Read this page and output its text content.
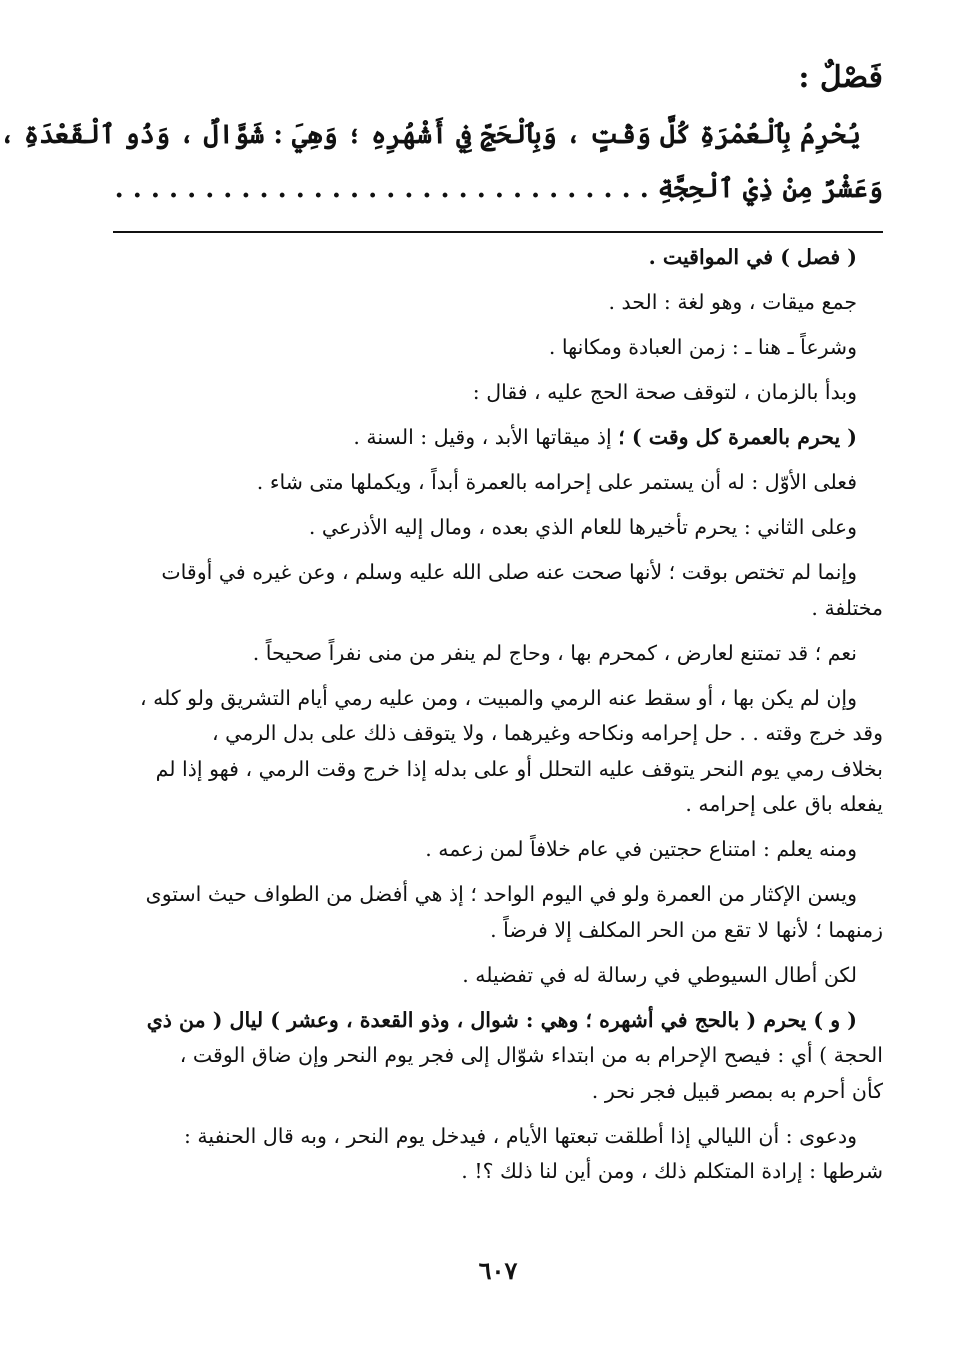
فَصْلٌ :
يُحْرِمُ بِٱلْعُمْرَةِ كُلَّ وَقْتٍ ، وَبِٱلْحَجِّ فِي أَشْهُرِهِ ؛ وَهِيَ : شَوَّالٌ ، وَذُو ٱلْقَعْدَةِ ،
وَعَشْرٌ مِنْ ذِيْ ٱلْحِجَّةِ . . . . . . . . . . . . . . . . . . . . . . . . . . . . . .

( فصل ) في المواقيت .

جمع ميقات ، وهو لغة : الحد .

وشرعاً ـ هنا ـ : زمن العبادة ومكانها .

وبدأ بالزمان ، لتوقف صحة الحج عليه ، فقال :

( يحرم بالعمرة كل وقت ) ؛ إذ ميقاتها الأبد ، وقيل : السنة .

فعلى الأوّل : له أن يستمر على إحرامه بالعمرة أبداً ، ويكملها متى شاء .

وعلى الثاني : يحرم تأخيرها للعام الذي بعده ، ومال إليه الأذرعي .

وإنما لم تختص بوقت ؛ لأنها صحت عنه صلى الله عليه وسلم ، وعن غيره في أوقات
مختلفة .

نعم ؛ قد تمتنع لعارض ، كمحرم بها ، وحاج لم ينفر من منى نفراً صحيحاً .

وإن لم يكن بها ، أو سقط عنه الرمي والمبيت ، ومن عليه رمي أيام التشريق ولو كله ،
وقد خرج وقته . . حل إحرامه ونكاحه وغيرهما ، ولا يتوقف ذلك على بدل الرمي ،
بخلاف رمي يوم النحر يتوقف عليه التحلل أو على بدله إذا خرج وقت الرمي ، فهو إذا لم
يفعله باق على إحرامه .

ومنه يعلم : امتناع حجتين في عام خلافاً لمن زعمه .

ويسن الإكثار من العمرة ولو في اليوم الواحد ؛ إذ هي أفضل من الطواف حيث استوى
زمنهما ؛ لأنها لا تقع من الحر المكلف إلا فرضاً .

لكن أطال السيوطي في رسالة له في تفضيله .

( و ) يحرم ( بالحج في أشهره ؛ وهي : شوال ، وذو القعدة ، وعشر ) ليال ( من ذي
الحجة ) أي : فيصح الإحرام به من ابتداء شوّال إلى فجر يوم النحر وإن ضاق الوقت ،
كأن أحرم به بمصر قبيل فجر نحر .

ودعوى : أن الليالي إذا أطلقت تبعتها الأيام ، فيدخل يوم النحر ، وبه قال الحنفية :
شرطها : إرادة المتكلم ذلك ، ومن أين لنا ذلك ؟! .

٦٠٧
